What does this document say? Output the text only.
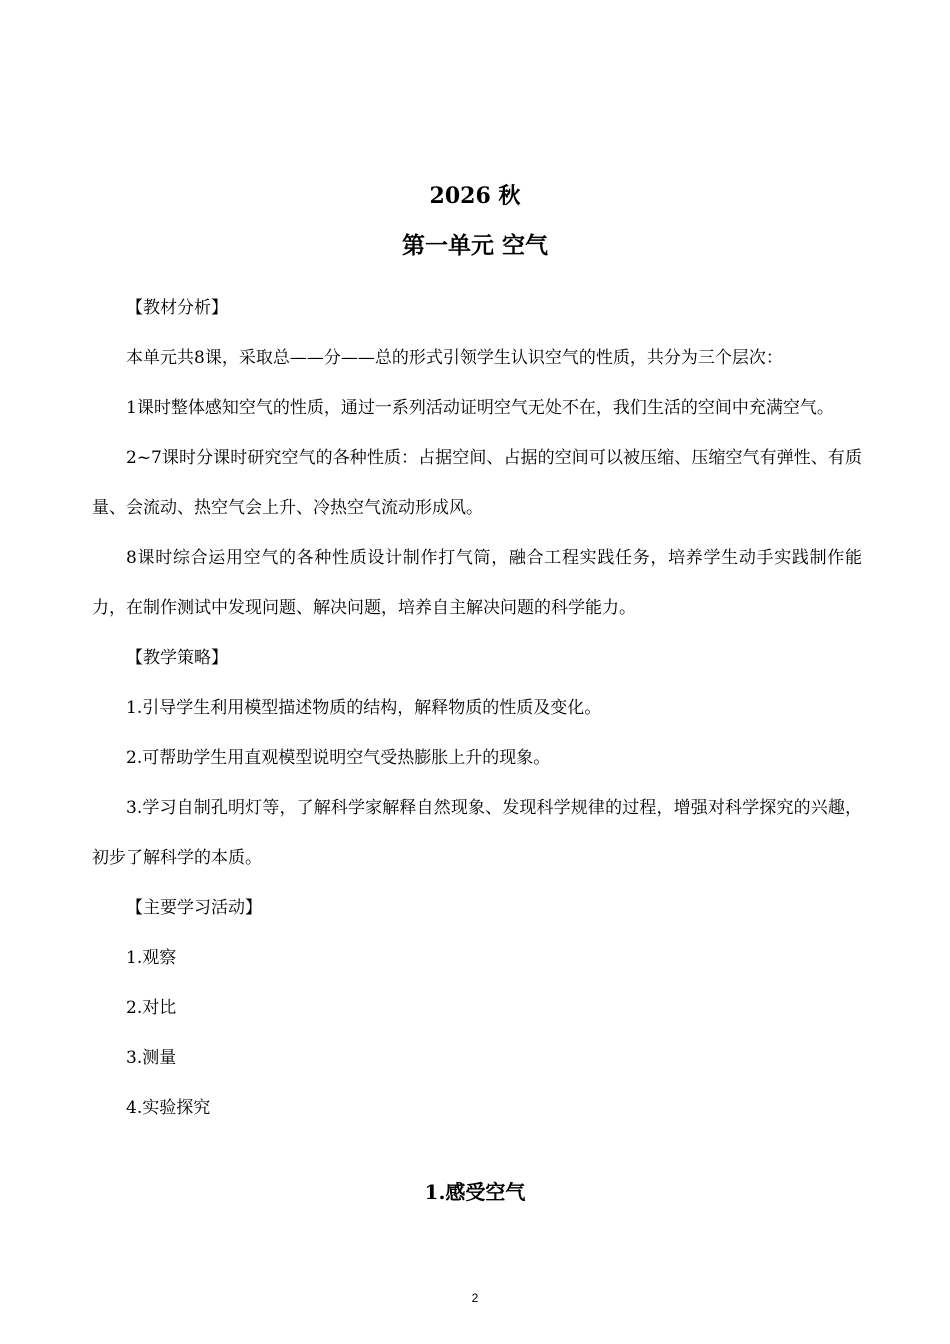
2026 秋
第一单元 空气

【教材分析】

本单元共8课，采取总——分——总的形式引领学生认识空气的性质，共分为三个层次：

1课时整体感知空气的性质，通过一系列活动证明空气无处不在，我们生活的空间中充满空气。

2~7课时分课时研究空气的各种性质：占据空间、占据的空间可以被压缩、压缩空气有弹性、有质量、会流动、热空气会上升、冷热空气流动形成风。

8课时综合运用空气的各种性质设计制作打气筒，融合工程实践任务，培养学生动手实践制作能力，在制作测试中发现问题、解决问题，培养自主解决问题的科学能力。

【教学策略】

1.引导学生利用模型描述物质的结构，解释物质的性质及变化。

2.可帮助学生用直观模型说明空气受热膨胀上升的现象。

3.学习自制孔明灯等，了解科学家解释自然现象、发现科学规律的过程，增强对科学探究的兴趣，初步了解科学的本质。

【主要学习活动】

1.观察

2.对比

3.测量

4.实验探究

1.感受空气
2
